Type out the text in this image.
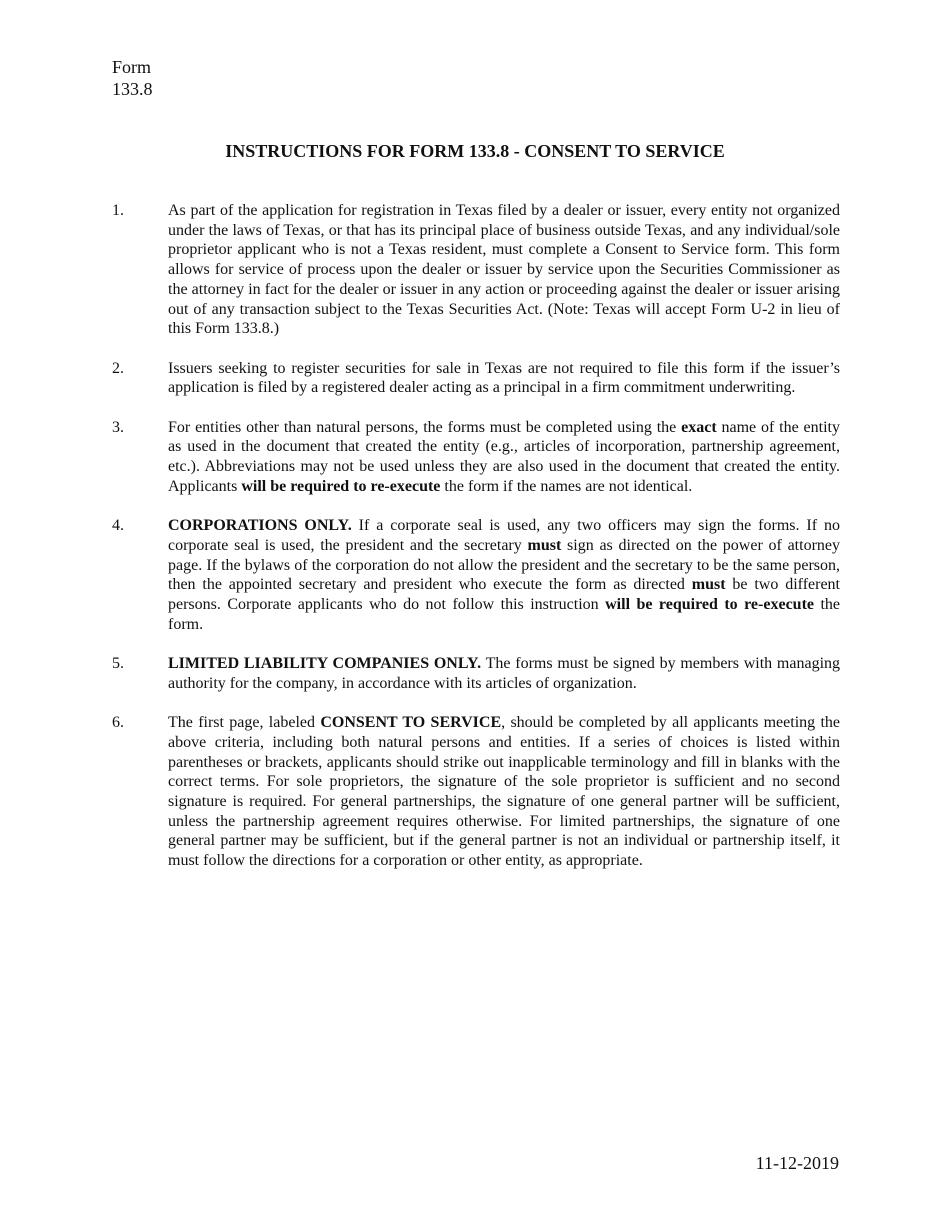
Form
133.8
INSTRUCTIONS FOR FORM 133.8 - CONSENT TO SERVICE
1.	As part of the application for registration in Texas filed by a dealer or issuer, every entity not organized under the laws of Texas, or that has its principal place of business outside Texas, and any individual/sole proprietor applicant who is not a Texas resident, must complete a Consent to Service form. This form allows for service of process upon the dealer or issuer by service upon the Securities Commissioner as the attorney in fact for the dealer or issuer in any action or proceeding against the dealer or issuer arising out of any transaction subject to the Texas Securities Act. (Note: Texas will accept Form U-2 in lieu of this Form 133.8.)
2.	Issuers seeking to register securities for sale in Texas are not required to file this form if the issuer’s application is filed by a registered dealer acting as a principal in a firm commitment underwriting.
3.	For entities other than natural persons, the forms must be completed using the exact name of the entity as used in the document that created the entity (e.g., articles of incorporation, partnership agreement, etc.). Abbreviations may not be used unless they are also used in the document that created the entity. Applicants will be required to re-execute the form if the names are not identical.
4.	CORPORATIONS ONLY. If a corporate seal is used, any two officers may sign the forms. If no corporate seal is used, the president and the secretary must sign as directed on the power of attorney page. If the bylaws of the corporation do not allow the president and the secretary to be the same person, then the appointed secretary and president who execute the form as directed must be two different persons. Corporate applicants who do not follow this instruction will be required to re-execute the form.
5.	LIMITED LIABILITY COMPANIES ONLY. The forms must be signed by members with managing authority for the company, in accordance with its articles of organization.
6.	The first page, labeled CONSENT TO SERVICE, should be completed by all applicants meeting the above criteria, including both natural persons and entities. If a series of choices is listed within parentheses or brackets, applicants should strike out inapplicable terminology and fill in blanks with the correct terms. For sole proprietors, the signature of the sole proprietor is sufficient and no second signature is required. For general partnerships, the signature of one general partner will be sufficient, unless the partnership agreement requires otherwise. For limited partnerships, the signature of one general partner may be sufficient, but if the general partner is not an individual or partnership itself, it must follow the directions for a corporation or other entity, as appropriate.
11-12-2019
